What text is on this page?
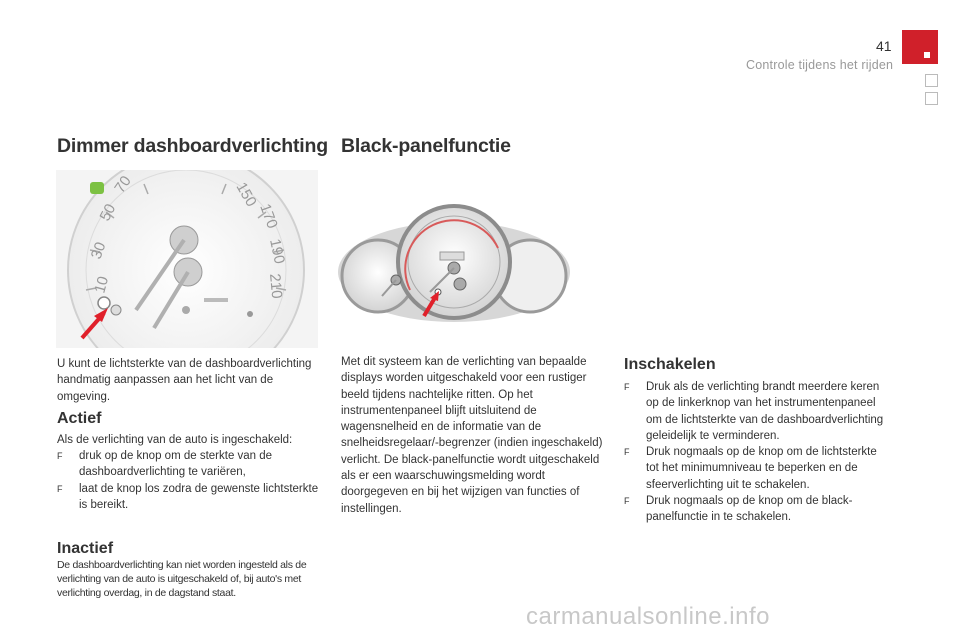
41
Controle tijdens het rijden
Dimmer dashboardverlichting
10
30
50
70	150
170
190
210

U kunt de lichtsterkte van de dashboardverlichting handmatig aanpassen aan het licht van de omgeving.

Actief

Als de verlichting van de auto is ingeschakeld:

F druk op de knop om de sterkte van de dashboardverlichting te variëren,
F laat de knop los zodra de gewenste lichtsterkte is bereikt.
Inactief

De dashboardverlichting kan niet worden ingesteld als de verlichting van de auto is uitgeschakeld of, bij auto's met verlichting overdag, in de dagstand staat.

Black-panelfunctie

Met dit systeem kan de verlichting van bepaalde displays worden uitgeschakeld voor een rustiger beeld tijdens nachtelijke ritten. Op het instrumentenpaneel blijft uitsluitend de wagensnelheid en de informatie van de snelheidsregelaar/-begrenzer (indien ingeschakeld) verlicht. De black-panelfunctie wordt uitgeschakeld als er een waarschuwingsmelding wordt doorgegeven en bij het wijzigen van functies of instellingen.

Inschakelen
F Druk als de verlichting brandt meerdere keren op de linkerknop van het instrumentenpaneel om de lichtsterkte van de dashboardverlichting geleidelijk te verminderen.
F Druk nogmaals op de knop om de lichtsterkte tot het minimumniveau te beperken en de sfeerverlichting uit te schakelen.
F Druk nogmaals op de knop om de black-panelfunctie in te schakelen.
carmanualsonline.info
